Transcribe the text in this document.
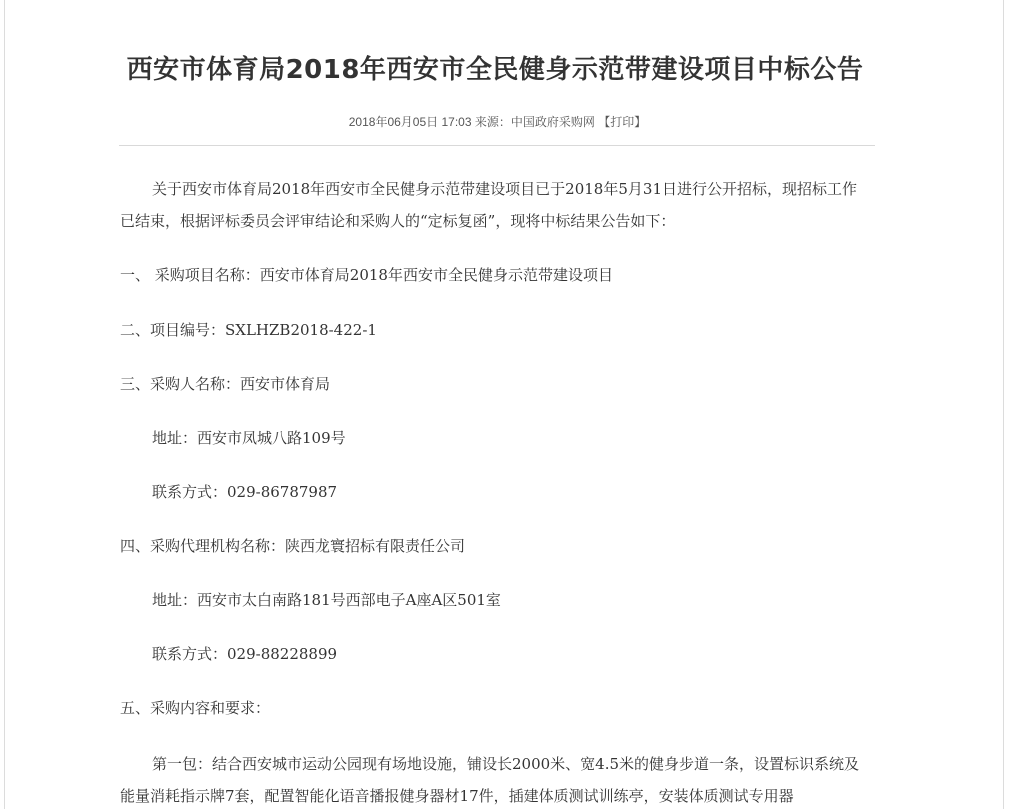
西安市体育局2018年西安市全民健身示范带建设项目中标公告
2018年06月05日 17:03 来源：中国政府采购网 【打印】
关于西安市体育局2018年西安市全民健身示范带建设项目已于2018年5月31日进行公开招标，现招标工作已结束，根据评标委员会评审结论和采购人的“定标复函”，现将中标结果公告如下：
一、 采购项目名称：西安市体育局2018年西安市全民健身示范带建设项目
二、项目编号：SXLHZB2018-422-1
三、采购人名称：西安市体育局
地址：西安市凤城八路109号
联系方式：029-86787987
四、采购代理机构名称：陕西龙寰招标有限责任公司
地址：西安市太白南路181号西部电子A座A区501室
联系方式：029-88228899
五、采购内容和要求：
第一包：结合西安城市运动公园现有场地设施，铺设长2000米、宽4.5米的健身步道一条，设置标识系统及能量消耗指示牌7套，配置智能化语音播报健身器材17件，插建体质测试训练亭，安装体质测试专用器
